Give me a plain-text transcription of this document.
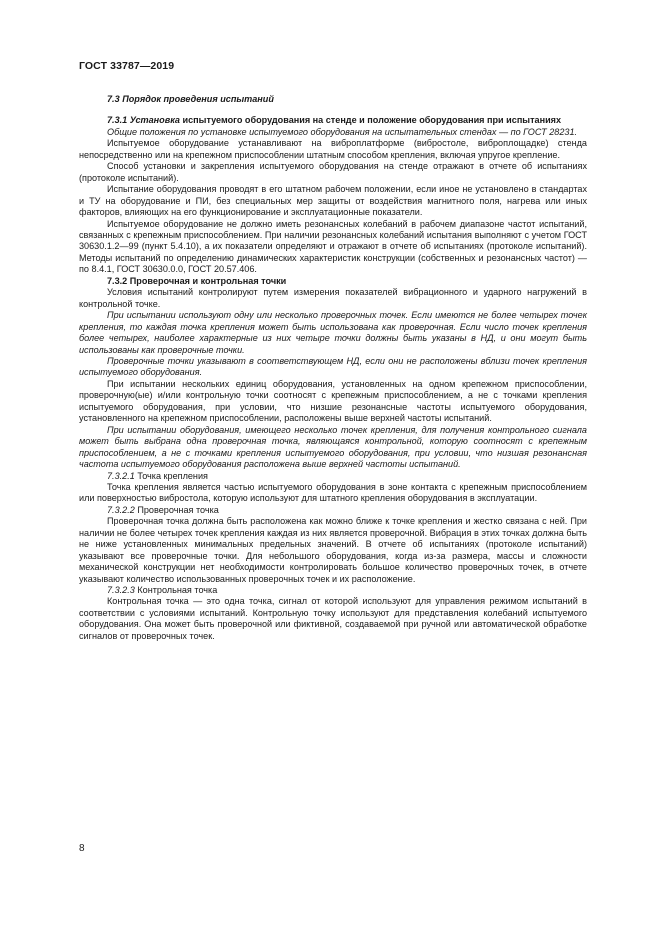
ГОСТ 33787—2019
7.3 Порядок проведения испытаний

7.3.1 Установка испытуемого оборудования на стенде и положение оборудования при испытаниях

Общие положения по установке испытуемого оборудования на испытательных стендах — по ГОСТ 28231.

Испытуемое оборудование устанавливают на виброплатформе (вибростоле, виброплощадке) стенда непосредственно или на крепежном приспособлении штатным способом крепления, включая упругое крепление.

Способ установки и закрепления испытуемого оборудования на стенде отражают в отчете об испытаниях (протоколе испытаний).

Испытание оборудования проводят в его штатном рабочем положении, если иное не установлено в стандартах и ТУ на оборудование и ПИ, без специальных мер защиты от воздействия магнитного поля, нагрева или иных факторов, влияющих на его функционирование и эксплуатационные показатели.

Испытуемое оборудование не должно иметь резонансных колебаний в рабочем диапазоне частот испытаний, связанных с крепежным приспособлением. При наличии резонансных колебаний испытания выполняют с учетом ГОСТ 30630.1.2—99 (пункт 5.4.10), а их показатели определяют и отражают в отчете об испытаниях (протоколе испытаний). Методы испытаний по определению динамических характеристик конструкции (собственных и резонансных частот) — по 8.4.1, ГОСТ 30630.0.0, ГОСТ 20.57.406.

7.3.2 Проверочная и контрольная точки

Условия испытаний контролируют путем измерения показателей вибрационного и ударного нагружений в контрольной точке.

При испытании используют одну или несколько проверочных точек. Если имеются не более четырех точек крепления, то каждая точка крепления может быть использована как проверочная. Если число точек крепления более четырех, наиболее характерные из них четыре точки должны быть указаны в НД, и они могут быть использованы как проверочные точки.

Проверочные точки указывают в соответствующем НД, если они не расположены вблизи точек крепления испытуемого оборудования.

При испытании нескольких единиц оборудования, установленных на одном крепежном приспособлении, проверочную(ые) и/или контрольную точки соотносят с крепежным приспособлением, а не с точками крепления испытуемого оборудования, при условии, что низшие резонансные частоты испытуемого оборудования, установленного на крепежном приспособлении, расположены выше верхней частоты испытаний.

При испытании оборудования, имеющего несколько точек крепления, для получения контрольного сигнала может быть выбрана одна проверочная точка, являющаяся контрольной, которую соотносят с крепежным приспособлением, а не с точками крепления испытуемого оборудования, при условии, что низшая резонансная частота испытуемого оборудования расположена выше верхней частоты испытаний.

7.3.2.1 Точка крепления

Точка крепления является частью испытуемого оборудования в зоне контакта с крепежным приспособлением или поверхностью вибростола, которую используют для штатного крепления оборудования в эксплуатации.

7.3.2.2 Проверочная точка

Проверочная точка должна быть расположена как можно ближе к точке крепления и жестко связана с ней. При наличии не более четырех точек крепления каждая из них является проверочной. Вибрация в этих точках должна быть не ниже установленных минимальных предельных значений. В отчете об испытаниях (протоколе испытаний) указывают все проверочные точки. Для небольшого оборудования, когда из-за размера, массы и сложности механической конструкции нет необходимости контролировать большое количество проверочных точек, в отчете указывают количество использованных проверочных точек и их расположение.

7.3.2.3 Контрольная точка

Контрольная точка — это одна точка, сигнал от которой используют для управления режимом испытаний в соответствии с условиями испытаний. Контрольную точку используют для представления колебаний испытуемого оборудования. Она может быть проверочной или фиктивной, создаваемой при ручной или автоматической обработке сигналов от проверочных точек.

8
